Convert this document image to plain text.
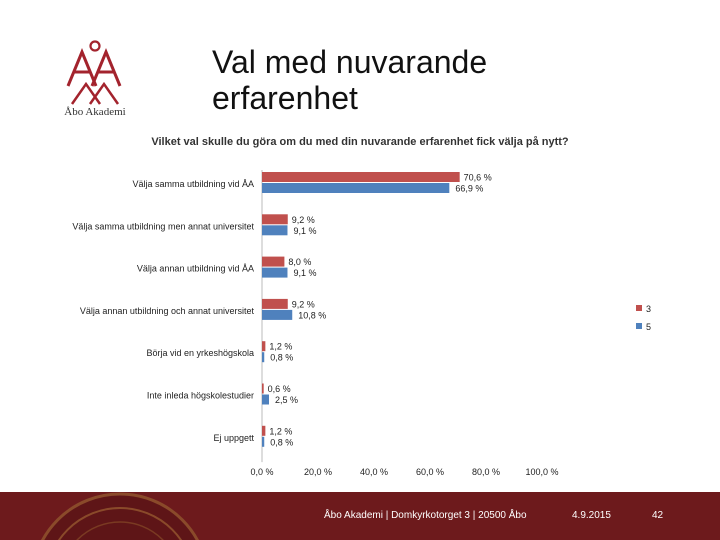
Åbo Akademi
Val med nuvarande
erfarenhet
Vilket val skulle du göra om du med din nuvarande erfarenhet fick välja på nytt?
Välja samma utbildning vid ÅA
70,6 %
66,9 %
Välja samma utbildning men annat universitet
9,2 %
9,1 %
Välja annan utbildning vid ÅA
8,0 %
9,1 %
Välja annan utbildning och annat universitet
9,2 %
10,8 %
Börja vid en yrkeshögskola
1,2 %
0,8 %
Inte inleda högskolestudier
0,6 %
2,5 %
Ej uppgett
1,2 %
0,8 %
0,0 %	20,0 %	40,0 %	60,0 %	80,0 %	100,0 %
3
5
Åbo Akademi | Domkyrkotorget 3 | 20500 Åbo	4.9.2015	42
